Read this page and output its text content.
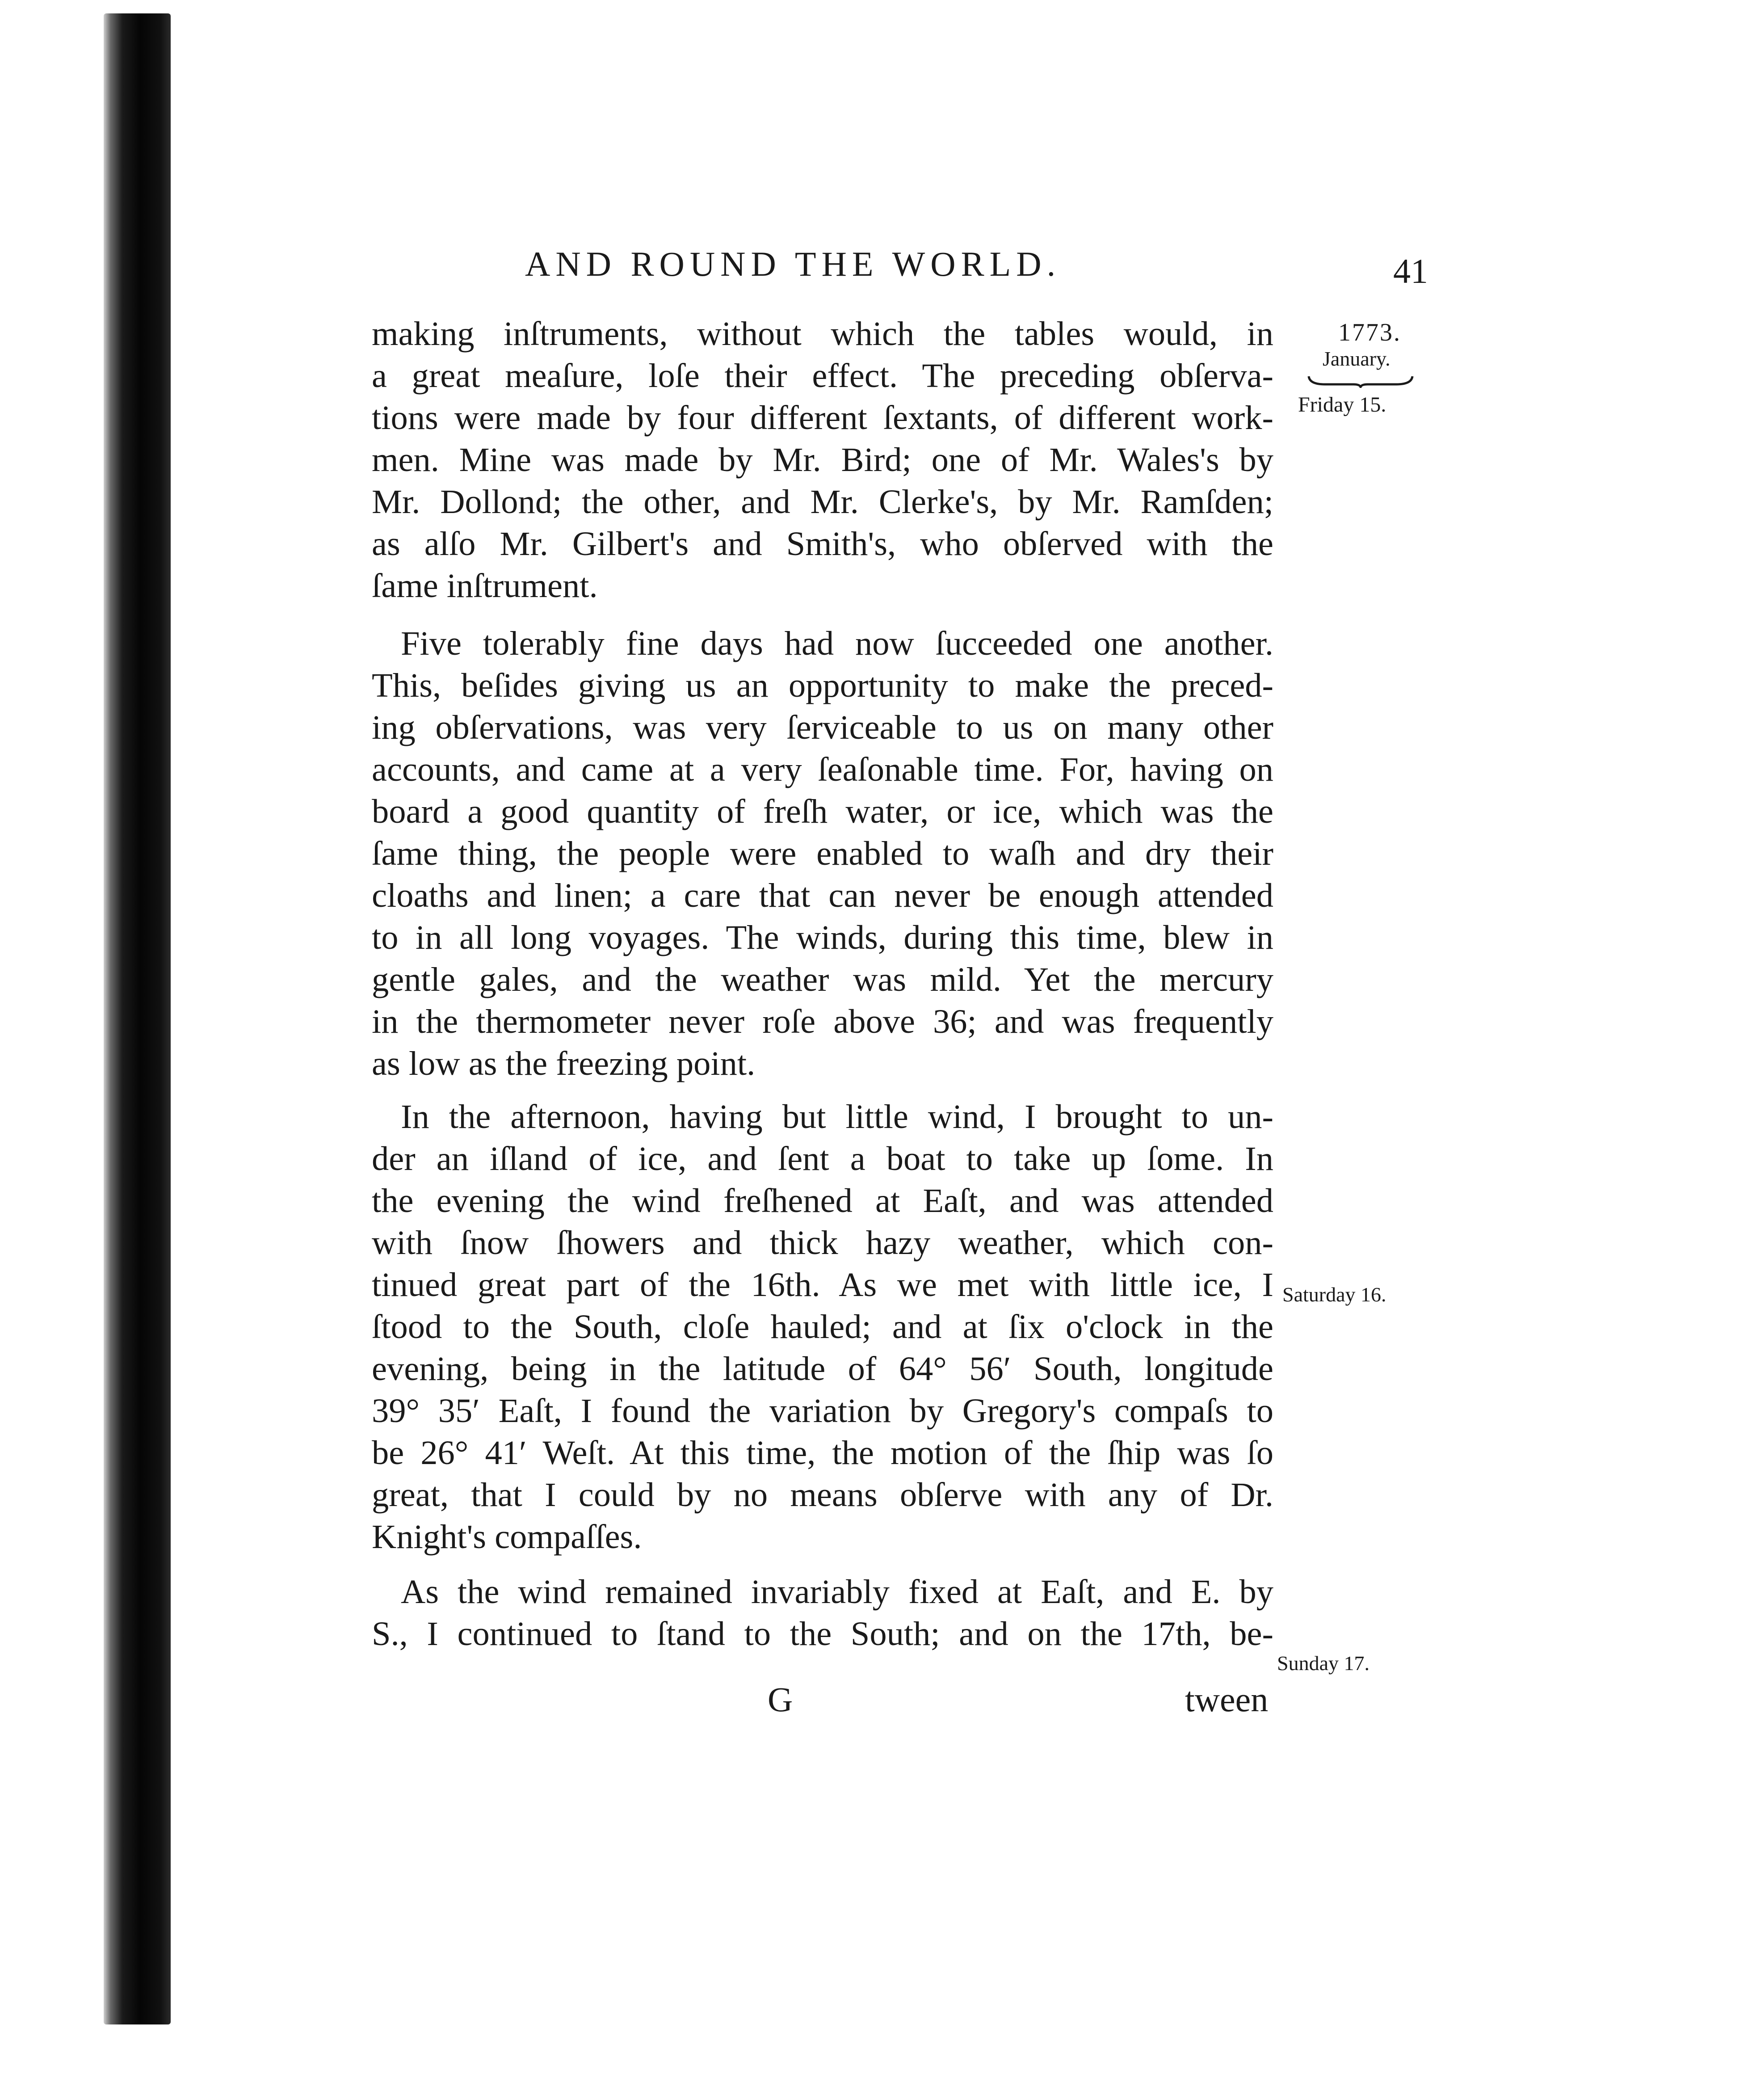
AND ROUND THE WORLD.	41
1773.
January.
Friday 15.
Saturday 16.
Sunday 17.
making inſtruments, without which the tables would, in
a great meaſure, loſe their effect. The preceding obſerva-
tions were made by four different ſextants, of different work-
men. Mine was made by Mr. Bird; one of Mr. Wales's by
Mr. Dollond; the other, and Mr. Clerke's, by Mr. Ramſden;
as alſo Mr. Gilbert's and Smith's, who obſerved with the
ſame inſtrument.
Five tolerably fine days had now ſucceeded one another.
This, beſides giving us an opportunity to make the preced-
ing obſervations, was very ſerviceable to us on many other
accounts, and came at a very ſeaſonable time. For, having on
board a good quantity of freſh water, or ice, which was the
ſame thing, the people were enabled to waſh and dry their
cloaths and linen; a care that can never be enough attended
to in all long voyages. The winds, during this time, blew in
gentle gales, and the weather was mild. Yet the mercury
in the thermometer never roſe above 36; and was frequently
as low as the freezing point.
In the afternoon, having but little wind, I brought to un-
der an iſland of ice, and ſent a boat to take up ſome. In
the evening the wind freſhened at Eaſt, and was attended
with ſnow ſhowers and thick hazy weather, which con-
tinued great part of the 16th. As we met with little ice, I
ſtood to the South, cloſe hauled; and at ſix o'clock in the
evening, being in the latitude of 64° 56′ South, longitude
39° 35′ Eaſt, I found the variation by Gregory's compaſs to
be 26° 41′ Weſt. At this time, the motion of the ſhip was ſo
great, that I could by no means obſerve with any of Dr.
Knight's compaſſes.
As the wind remained invariably fixed at Eaſt, and E. by
S., I continued to ſtand to the South; and on the 17th, be-
G	tween
